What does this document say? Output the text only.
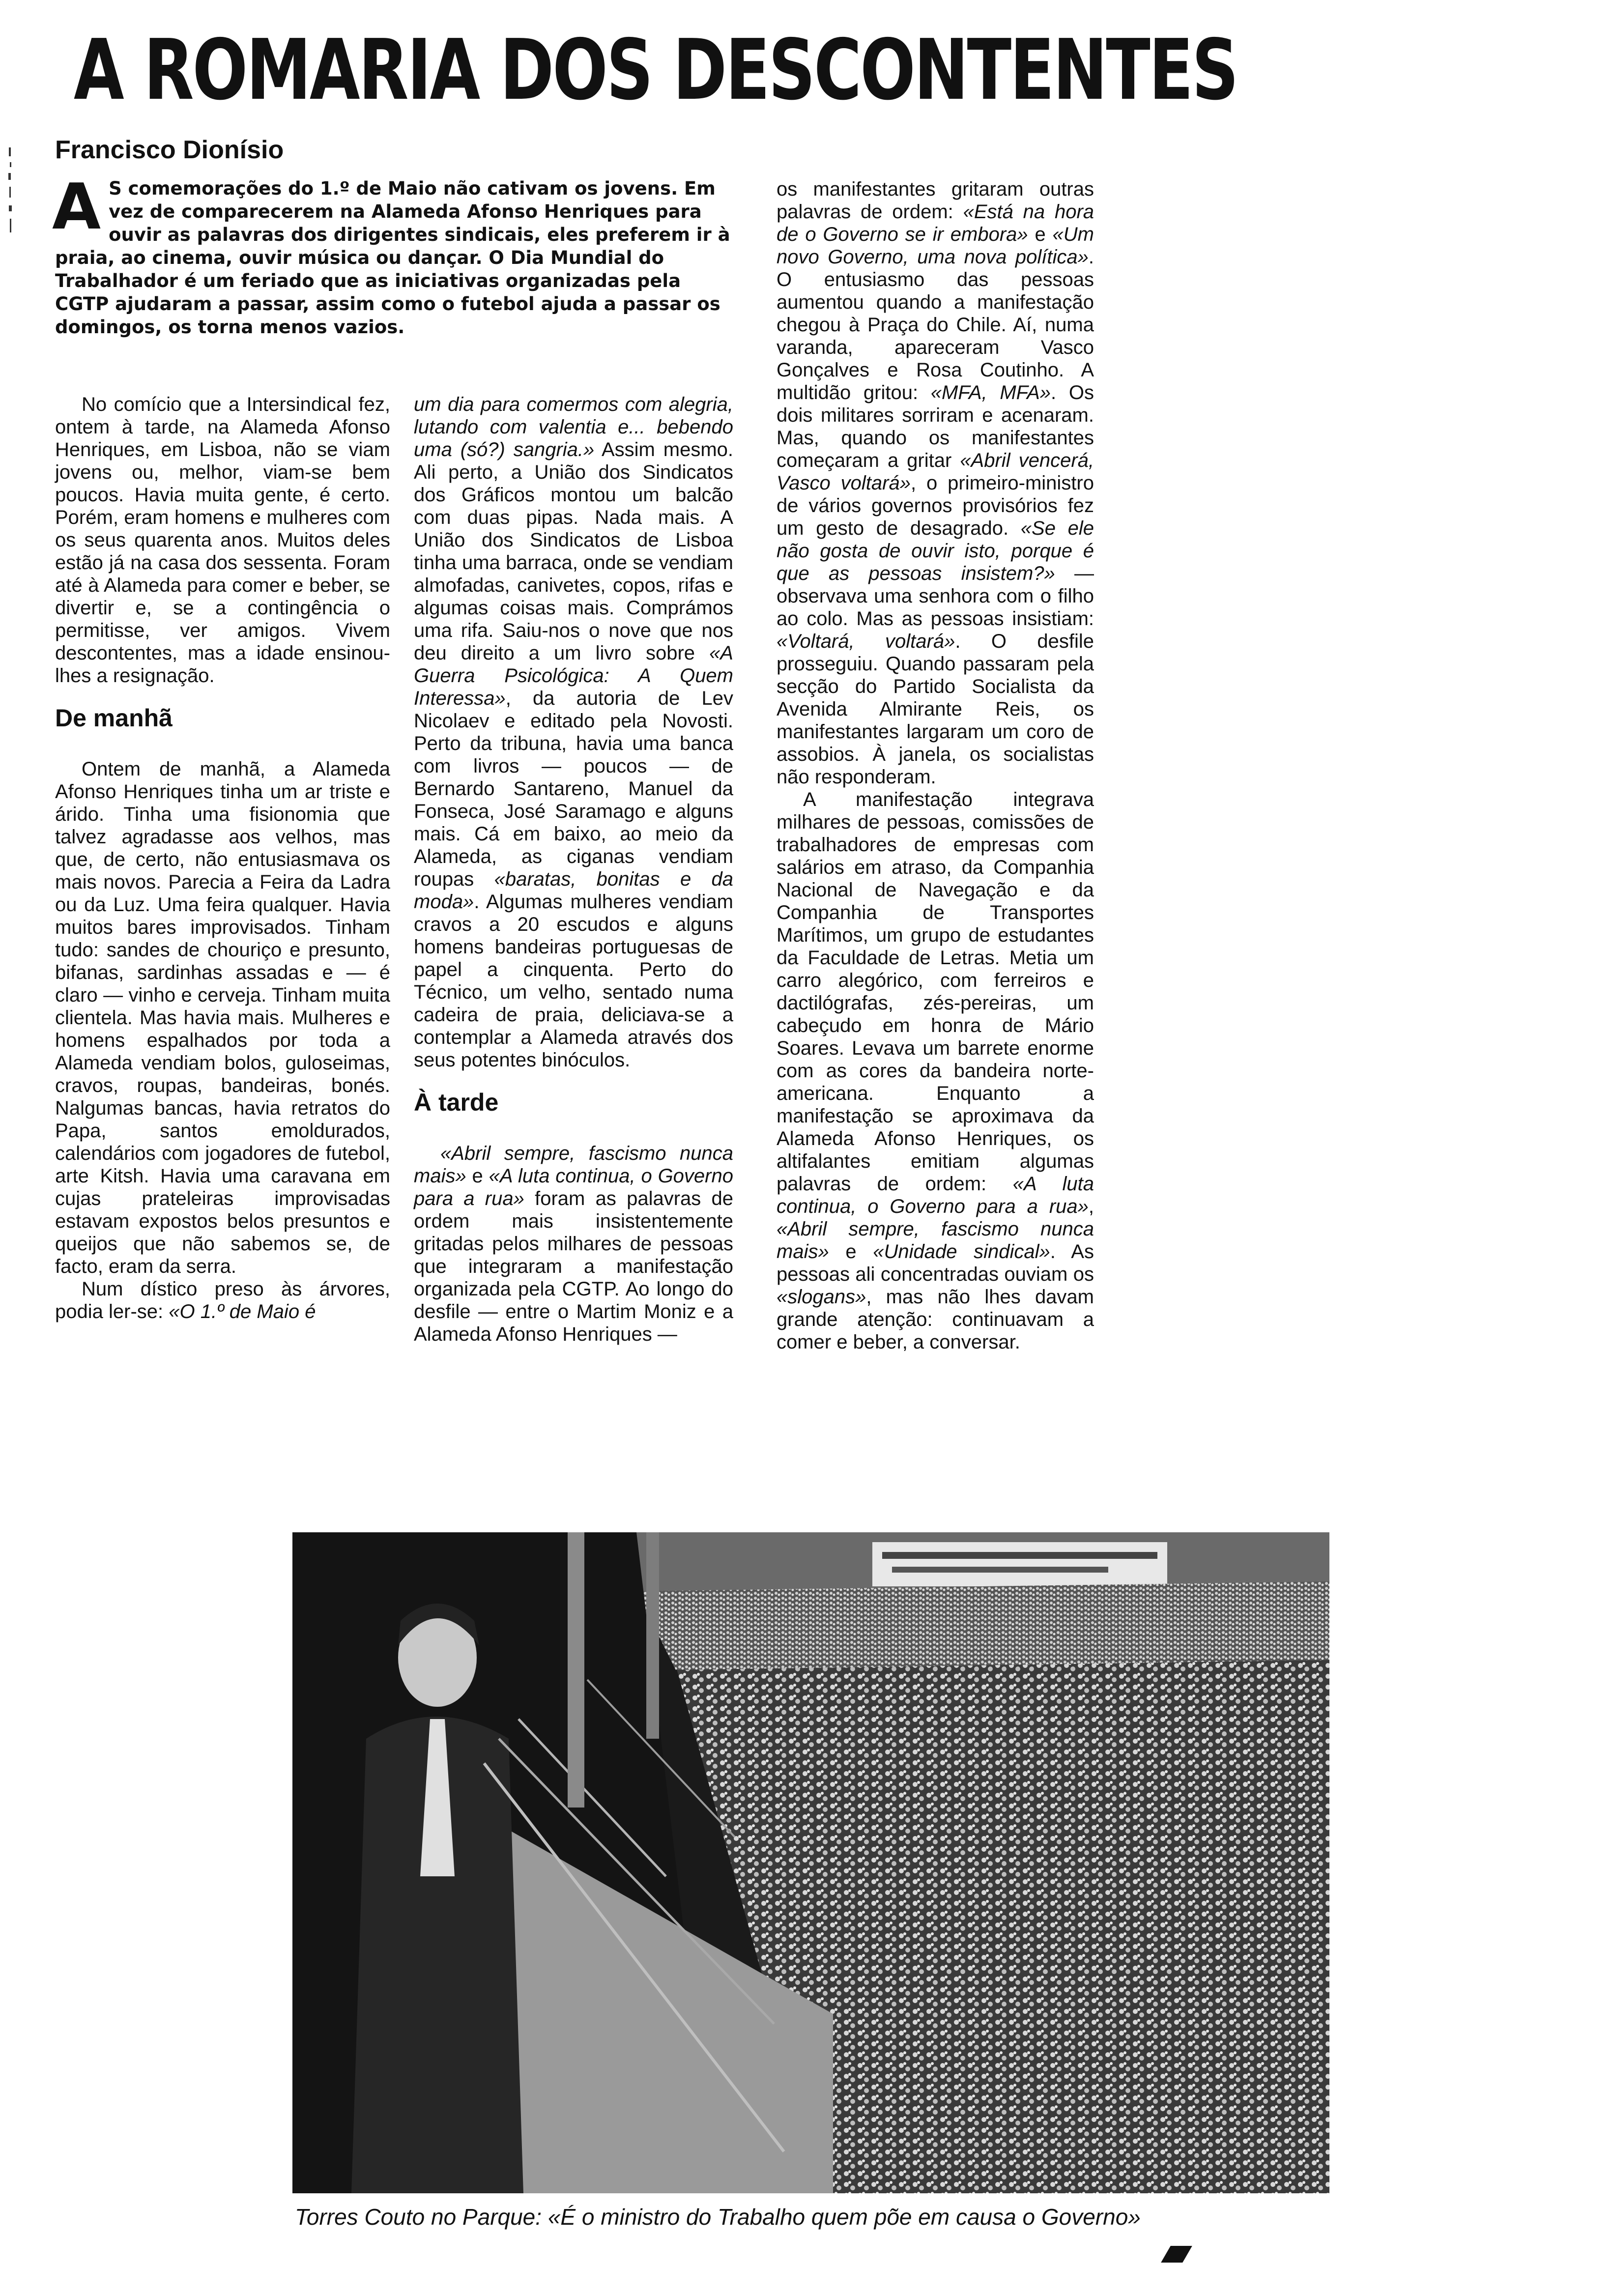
A ROMARIA DOS DESCONTENTES
Francisco Dionísio

A S comemorações do 1.º de Maio não cativam os jovens. Em vez de comparecerem na Alameda Afonso Henriques para ouvir as palavras dos dirigentes sindicais, eles preferem ir à praia, ao cinema, ouvir música ou dançar. O Dia Mundial do Trabalhador é um feriado que as iniciativas organizadas pela CGTP ajudaram a passar, assim como o futebol ajuda a passar os domingos, os torna menos vazios.

No comício que a Intersindical fez, ontem à tarde, na Alameda Afonso Henriques, em Lisboa, não se viam jovens ou, melhor, viam-se bem poucos. Havia muita gente, é certo. Porém, eram homens e mulheres com os seus quarenta anos. Muitos deles estão já na casa dos sessenta. Foram até à Alameda para comer e beber, se divertir e, se a contingência o permitisse, ver amigos. Vivem descontentes, mas a idade ensinou-lhes a resignação.

De manhã

Ontem de manhã, a Alameda Afonso Henriques tinha um ar triste e árido. Tinha uma fisionomia que talvez agradasse aos velhos, mas que, de certo, não entusiasmava os mais novos. Parecia a Feira da Ladra ou da Luz. Uma feira qualquer. Havia muitos bares improvisados. Tinham tudo: sandes de chouriço e presunto, bifanas, sardinhas assadas e — é claro — vinho e cerveja. Tinham muita clientela. Mas havia mais. Mulheres e homens espalhados por toda a Alameda vendiam bolos, guloseimas, cravos, roupas, bandeiras, bonés. Nalgumas bancas, havia retratos do Papa, santos emoldurados, calendários com jogadores de futebol, arte Kitsh. Havia uma caravana em cujas prateleiras improvisadas estavam expostos belos presuntos e queijos que não sabemos se, de facto, eram da serra.

Num dístico preso às árvores, podia ler-se: «O 1.º de Maio é

um dia para comermos com alegria, lutando com valentia e... bebendo uma (só?) sangria.» Assim mesmo. Ali perto, a União dos Sindicatos dos Gráficos montou um balcão com duas pipas. Nada mais. A União dos Sindicatos de Lisboa tinha uma barraca, onde se vendiam almofadas, canivetes, copos, rifas e algumas coisas mais. Comprámos uma rifa. Saiu-nos o nove que nos deu direito a um livro sobre «A Guerra Psicológica: A Quem Interessa», da autoria de Lev Nicolaev e editado pela Novosti. Perto da tribuna, havia uma banca com livros — poucos — de Bernardo Santareno, Manuel da Fonseca, José Saramago e alguns mais. Cá em baixo, ao meio da Alameda, as ciganas vendiam roupas «baratas, bonitas e da moda». Algumas mulheres vendiam cravos a 20 escudos e alguns homens bandeiras portuguesas de papel a cinquenta. Perto do Técnico, um velho, sentado numa cadeira de praia, deliciava-se a contemplar a Alameda através dos seus potentes binóculos.

À tarde

«Abril sempre, fascismo nunca mais» e «A luta continua, o Governo para a rua» foram as palavras de ordem mais insistentemente gritadas pelos milhares de pessoas que integraram a manifestação organizada pela CGTP. Ao longo do desfile — entre o Martim Moniz e a Alameda Afonso Henriques —

os manifestantes gritaram outras palavras de ordem: «Está na hora de o Governo se ir embora» e «Um novo Governo, uma nova política». O entusiasmo das pessoas aumentou quando a manifestação chegou à Praça do Chile. Aí, numa varanda, apareceram Vasco Gonçalves e Rosa Coutinho. A multidão gritou: «MFA, MFA». Os dois militares sorriram e acenaram. Mas, quando os manifestantes começaram a gritar «Abril vencerá, Vasco voltará», o primeiro-ministro de vários governos provisórios fez um gesto de desagrado. «Se ele não gosta de ouvir isto, porque é que as pessoas insistem?» — observava uma senhora com o filho ao colo. Mas as pessoas insistiam: «Voltará, voltará». O desfile prosseguiu. Quando passaram pela secção do Partido Socialista da Avenida Almirante Reis, os manifestantes largaram um coro de assobios. À janela, os socialistas não responderam.

A manifestação integrava milhares de pessoas, comissões de trabalhadores de empresas com salários em atraso, da Companhia Nacional de Navegação e da Companhia de Transportes Marítimos, um grupo de estudantes da Faculdade de Letras. Metia um carro alegórico, com ferreiros e dactilógrafas, zés-pereiras, um cabeçudo em honra de Mário Soares. Levava um barrete enorme com as cores da bandeira norte-americana. Enquanto a manifestação se aproximava da Alameda Afonso Henriques, os altifalantes emitiam algumas palavras de ordem: «A luta continua, o Governo para a rua», «Abril sempre, fascismo nunca mais» e «Unidade sindical». As pessoas ali concentradas ouviam os «slogans», mas não lhes davam grande atenção: continuavam a comer e beber, a conversar.

Torres Couto no Parque: «É o ministro do Trabalho quem põe em causa o Governo»
